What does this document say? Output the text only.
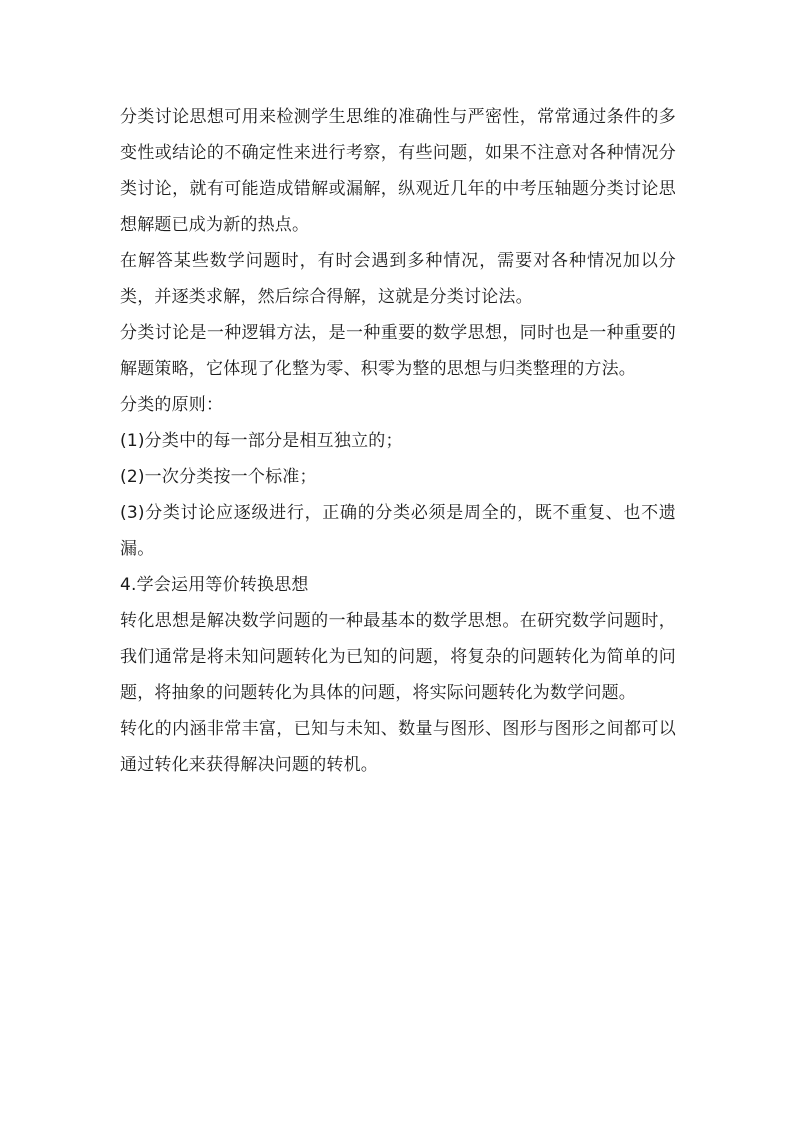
分类讨论思想可用来检测学生思维的准确性与严密性，常常通过条件的多变性或结论的不确定性来进行考察，有些问题，如果不注意对各种情况分类讨论，就有可能造成错解或漏解，纵观近几年的中考压轴题分类讨论思想解题已成为新的热点。

在解答某些数学问题时，有时会遇到多种情况，需要对各种情况加以分类，并逐类求解，然后综合得解，这就是分类讨论法。

分类讨论是一种逻辑方法，是一种重要的数学思想，同时也是一种重要的解题策略，它体现了化整为零、积零为整的思想与归类整理的方法。

分类的原则：

(1)分类中的每一部分是相互独立的；

(2)一次分类按一个标准；

(3)分类讨论应逐级进行，正确的分类必须是周全的，既不重复、也不遗漏。

4.学会运用等价转换思想

转化思想是解决数学问题的一种最基本的数学思想。在研究数学问题时，我们通常是将未知问题转化为已知的问题，将复杂的问题转化为简单的问题，将抽象的问题转化为具体的问题，将实际问题转化为数学问题。

转化的内涵非常丰富，已知与未知、数量与图形、图形与图形之间都可以通过转化来获得解决问题的转机。
